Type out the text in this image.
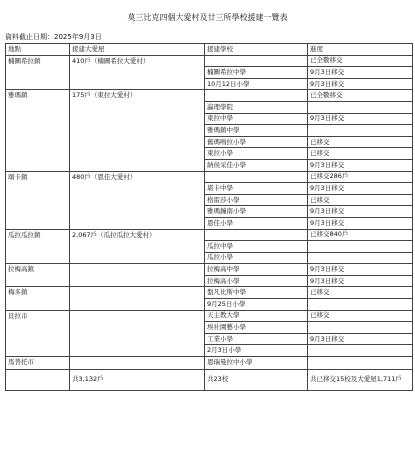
莫三比克四個大愛村及廿三所學校援建一覽表
資料截止日期：2025年9月3日
地點	援建大愛屋	援建學校	進度
楠圖希拉鎮	410戶（楠圖希拉大愛村）		已全數移交
		楠圖希拉中學	9月3日移交
		10月12日小學	9月3日移交
雅瑪鎮	175戶（東拉大愛村）		已全數移交
		瀛理學院	
		東拉中學	9月3日移交
		雅瑪鎮中學	
		舊瑪鳴拉小學	已移交
		東拉小學	已移交
		納侯采佳小學	9月3日移交
頌卡鎮	480戶（恩佳大愛村）		已移交286戶
		堪卡中學	9月3日移交
		格雷莎小學	已移交
		雅瑪鐘南小學	9月3日移交
		恩佳小學	9月3日移交
瓜拉瓜拉鎮	2,067戶（瓜拉瓜拉大愛村）		已移交840戶
		瓜拉中學	
		瓜拉小學	
拉梅高鎮		拉梅高中學	9月3日移交
		拉梅高小學	9月3日移交
梅多鎮		盤凡比斯中學	已移交
		9月25日小學	
貝拉市		天主教大學	已移交
		埃社園藝小學	
		工業小學	9月3日移交
		2月3日小學	
馬普托市		恩瑞曼拉中小學	
	共3,132戶	共23校	共已移交15校及大愛屋1,711戶
